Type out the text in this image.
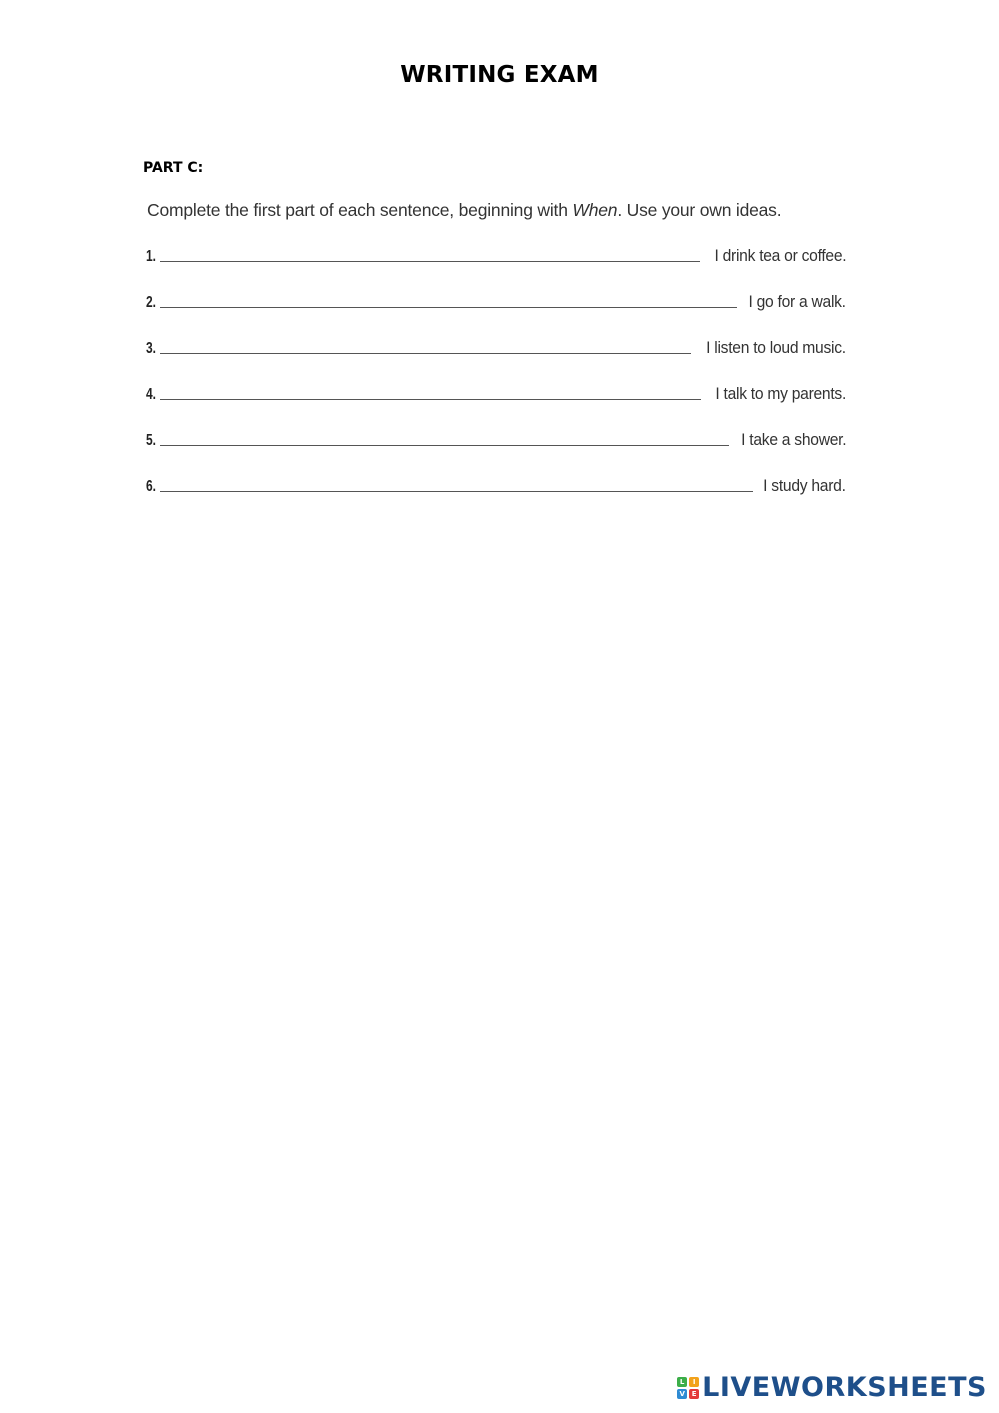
WRITING EXAM
PART C:
Complete the first part of each sentence, beginning with When. Use your own ideas.
1.	I drink tea or coffee.
2.	I go for a walk.
3.	I listen to loud music.
4.	I talk to my parents.
5.	I take a shower.
6.	I study hard.
L	I
V E LIVEWORKSHEETS
